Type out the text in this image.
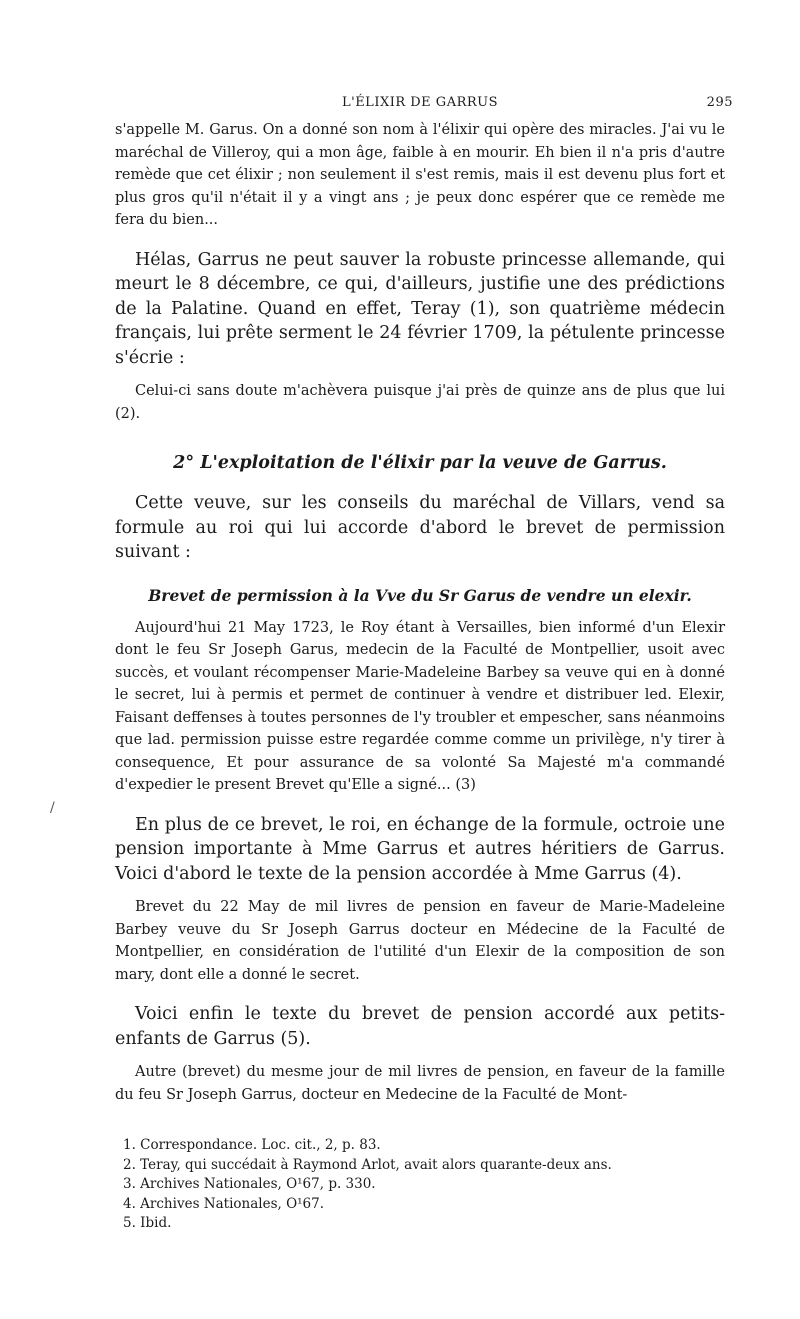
L'ÉLIXIR DE GARRUS	295

s'appelle M. Garus. On a donné son nom à l'élixir qui opère des miracles. J'ai vu le maréchal de Villeroy, qui a mon âge, faible à en mourir. Eh bien il n'a pris d'autre remède que cet élixir ; non seulement il s'est remis, mais il est devenu plus fort et plus gros qu'il n'était il y a vingt ans ; je peux donc espérer que ce remède me fera du bien...

Hélas, Garrus ne peut sauver la robuste princesse allemande, qui meurt le 8 décembre, ce qui, d'ailleurs, justifie une des prédictions de la Palatine. Quand en effet, Teray (1), son quatrième médecin français, lui prête serment le 24 février 1709, la pétulente princesse s'écrie :

Celui-ci sans doute m'achèvera puisque j'ai près de quinze ans de plus que lui (2).

2° L'exploitation de l'élixir par la veuve de Garrus.

Cette veuve, sur les conseils du maréchal de Villars, vend sa formule au roi qui lui accorde d'abord le brevet de permission suivant :

Brevet de permission à la Vve du Sr Garus de vendre un elexir.

Aujourd'hui 21 May 1723, le Roy étant à Versailles, bien informé d'un Elexir dont le feu Sr Joseph Garus, medecin de la Faculté de Montpellier, usoit avec succès, et voulant récompenser Marie-Madeleine Barbey sa veuve qui en à donné le secret, lui à permis et permet de continuer à vendre et distribuer led. Elexir, Faisant deffenses à toutes personnes de l'y troubler et empescher, sans néanmoins que lad. permission puisse estre regardée comme comme un privilège, n'y tirer à consequence, Et pour assurance de sa volonté Sa Majesté m'a commandé d'expedier le present Brevet qu'Elle a signé... (3)

En plus de ce brevet, le roi, en échange de la formule, octroie une pension importante à Mme Garrus et autres héritiers de Garrus. Voici d'abord le texte de la pension accordée à Mme Garrus (4).

Brevet du 22 May de mil livres de pension en faveur de Marie-Madeleine Barbey veuve du Sr Joseph Garrus docteur en Médecine de la Faculté de Montpellier, en considération de l'utilité d'un Elexir de la composition de son mary, dont elle a donné le secret.

Voici enfin le texte du brevet de pension accordé aux petits-enfants de Garrus (5).

Autre (brevet) du mesme jour de mil livres de pension, en faveur de la famille du feu Sr Joseph Garrus, docteur en Medecine de la Faculté de Mont-

1. Correspondance. Loc. cit., 2, p. 83.
2. Teray, qui succédait à Raymond Arlot, avait alors quarante-deux ans.
3. Archives Nationales, O¹67, p. 330.
4. Archives Nationales, O¹67.
5. Ibid.
/
